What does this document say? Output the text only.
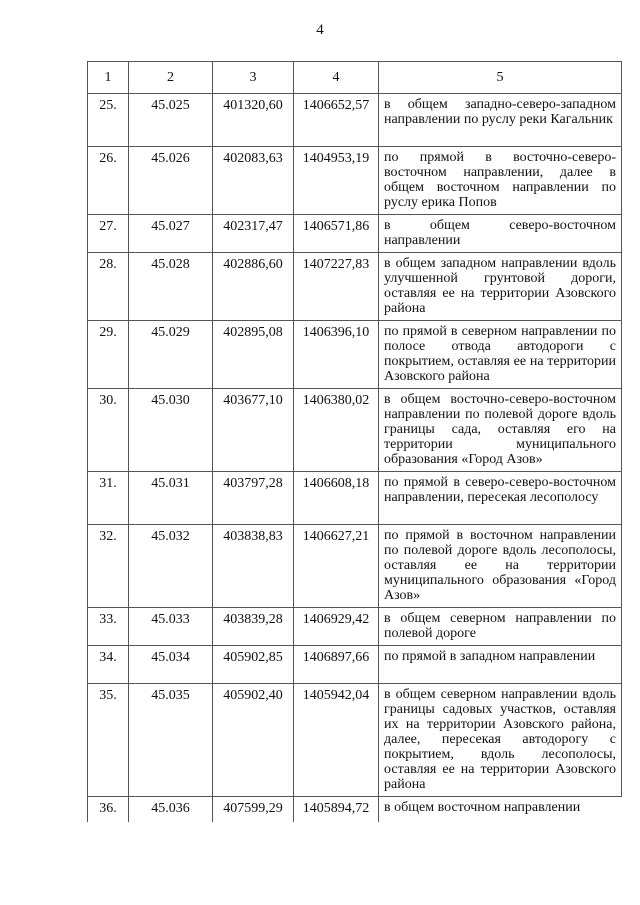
4
1	2	3	4	5
25.	45.025	401320,60	1406652,57	в общем западно-северо-западном направлении по руслу реки Кагальник
26.	45.026	402083,63	1404953,19	по прямой в восточно-северо-восточном направлении, далее в общем восточном направлении по руслу ерика Попов
27.	45.027	402317,47	1406571,86	в общем северо-восточном направлении
28.	45.028	402886,60	1407227,83	в общем западном направлении вдоль улучшенной грунтовой дороги, оставляя ее на территории Азовского района
29.	45.029	402895,08	1406396,10	по прямой в северном направлении по полосе отвода автодороги с покрытием, оставляя ее на территории Азовского района
30.	45.030	403677,10	1406380,02	в общем восточно-северо-восточном направлении по полевой дороге вдоль границы сада, оставляя его на территории муниципального образования «Город Азов»
31.	45.031	403797,28	1406608,18	по прямой в северо-северо-восточном направлении, пересекая лесополосу
32.	45.032	403838,83	1406627,21	по прямой в восточном направлении по полевой дороге вдоль лесополосы, оставляя ее на территории муниципального образования «Город Азов»
33.	45.033	403839,28	1406929,42	в общем северном направлении по полевой дороге
34.	45.034	405902,85	1406897,66	по прямой в западном направлении
35.	45.035	405902,40	1405942,04	в общем северном направлении вдоль границы садовых участков, оставляя их на территории Азовского района, далее, пересекая автодорогу с покрытием, вдоль лесополосы, оставляя ее на территории Азовского района
36.	45.036	407599,29	1405894,72	в общем восточном направлении
